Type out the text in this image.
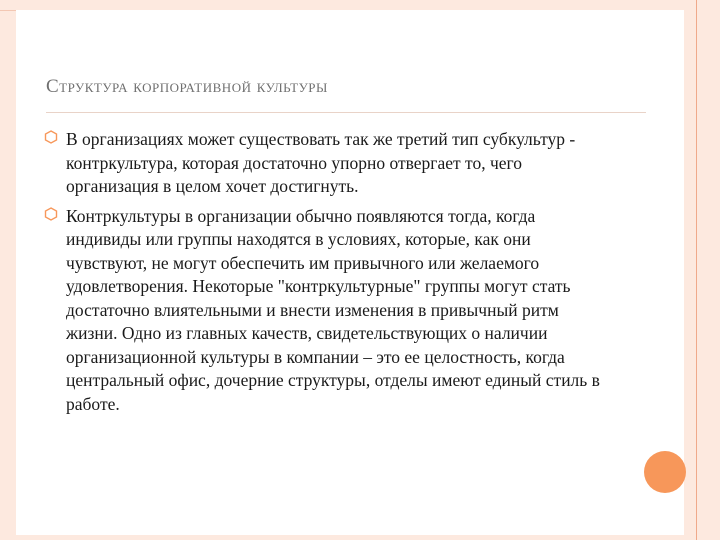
Структура корпоративной культуры
В организациях может существовать так же третий тип субкультур - контркультура, которая достаточно упорно отвергает то, чего организация в целом хочет достигнуть.
Контркультуры в организации обычно появляются тогда, когда индивиды или группы находятся в условиях, которые, как они чувствуют, не могут обеспечить им привычного или желаемого удовлетворения. Некоторые "контркультурные" группы могут стать достаточно влиятельными и внести изменения в привычный ритм жизни. Одно из главных качеств, свидетельствующих о наличии организационной культуры в компании – это ее целостность, когда центральный офис, дочерние структуры, отделы имеют единый стиль в работе.
